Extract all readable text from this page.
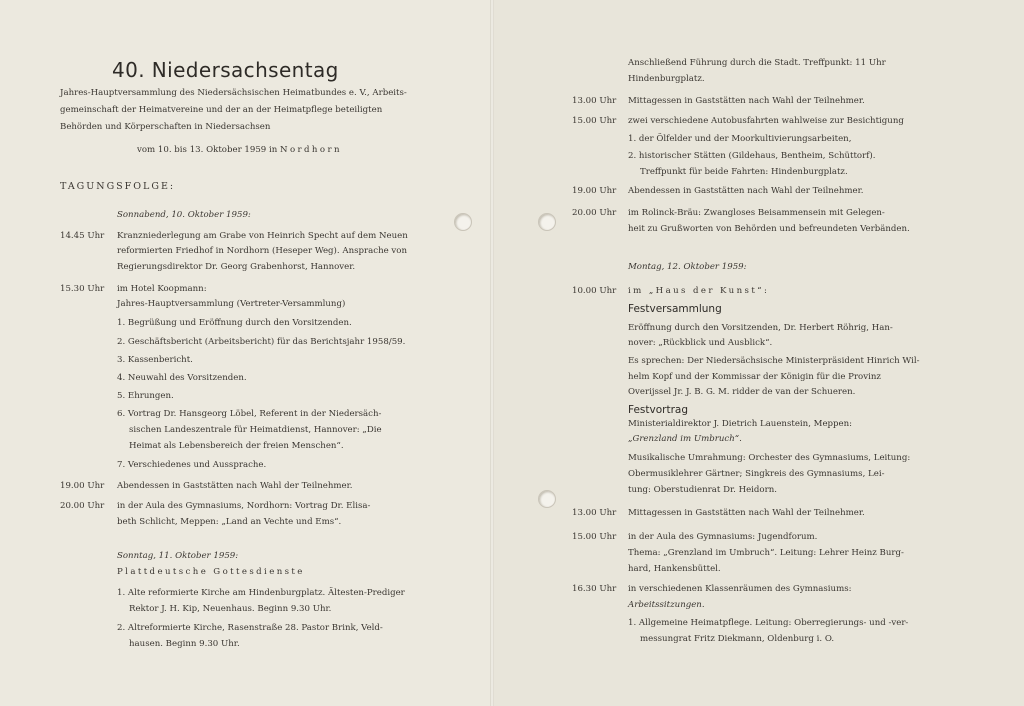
40. Niedersachsentag
Jahres-Hauptversammlung des Niedersächsischen Heimatbundes e. V., Arbeits-
gemeinschaft der Heimatvereine und der an der Heimatpflege beteiligten
Behörden und Körperschaften in Niedersachsen
vom 10. bis 13. Oktober 1959 in Nordhorn
TAGUNGSFOLGE:
Sonnabend, 10. Oktober 1959:
14.45 Uhr Kranzniederlegung am Grabe von Heinrich Specht auf dem Neuen
reformierten Friedhof in Nordhorn (Heseper Weg). Ansprache von
Regierungsdirektor Dr. Georg Grabenhorst, Hannover.
15.30 Uhr im Hotel Koopmann:
Jahres-Hauptversammlung (Vertreter-Versammlung)
1. Begrüßung und Eröffnung durch den Vorsitzenden.
2. Geschäftsbericht (Arbeitsbericht) für das Berichtsjahr 1958/59.
3. Kassenbericht.
4. Neuwahl des Vorsitzenden.
5. Ehrungen.
6. Vortrag Dr. Hansgeorg Löbel, Referent in der Niedersäch-
sischen Landeszentrale für Heimatdienst, Hannover: „Die
Heimat als Lebensbereich der freien Menschen“.
7. Verschiedenes und Aussprache.
19.00 Uhr Abendessen in Gaststätten nach Wahl der Teilnehmer.
20.00 Uhr in der Aula des Gymnasiums, Nordhorn: Vortrag Dr. Elisa-
beth Schlicht, Meppen: „Land an Vechte und Ems“.
Sonntag, 11. Oktober 1959:
Plattdeutsche Gottesdienste
1. Alte reformierte Kirche am Hindenburgplatz. Ältesten-Prediger
Rektor J. H. Kip, Neuenhaus. Beginn 9.30 Uhr.
2. Altreformierte Kirche, Rasenstraße 28. Pastor Brink, Veld-
hausen. Beginn 9.30 Uhr.
Anschließend Führung durch die Stadt. Treffpunkt: 11 Uhr
Hindenburgplatz.
13.00 Uhr Mittagessen in Gaststätten nach Wahl der Teilnehmer.
15.00 Uhr zwei verschiedene Autobusfahrten wahlweise zur Besichtigung
1. der Ölfelder und der Moorkultivierungsarbeiten,
2. historischer Stätten (Gildehaus, Bentheim, Schüttorf).
Treffpunkt für beide Fahrten: Hindenburgplatz.
19.00 Uhr Abendessen in Gaststätten nach Wahl der Teilnehmer.
20.00 Uhr im Rolinck-Bräu: Zwangloses Beisammensein mit Gelegen-
heit zu Grußworten von Behörden und befreundeten Verbänden.
Montag, 12. Oktober 1959:
10.00 Uhr im „Haus der Kunst“:
Festversammlung
Eröffnung durch den Vorsitzenden, Dr. Herbert Röhrig, Han-
nover: „Rückblick und Ausblick“.
Es sprechen: Der Niedersächsische Ministerpräsident Hinrich Wil-
helm Kopf und der Kommissar der Königin für die Provinz
Overijssel Jr. J. B. G. M. ridder de van der Schueren.
Festvortrag
Ministerialdirektor J. Dietrich Lauenstein, Meppen:
„Grenzland im Umbruch“.
Musikalische Umrahmung: Orchester des Gymnasiums, Leitung:
Obermusiklehrer Gärtner; Singkreis des Gymnasiums, Lei-
tung: Oberstudienrat Dr. Heidorn.
13.00 Uhr Mittagessen in Gaststätten nach Wahl der Teilnehmer.
15.00 Uhr in der Aula des Gymnasiums: Jugendforum.
Thema: „Grenzland im Umbruch“. Leitung: Lehrer Heinz Burg-
hard, Hankensbüttel.
16.30 Uhr in verschiedenen Klassenräumen des Gymnasiums:
Arbeitssitzungen.
1. Allgemeine Heimatpflege. Leitung: Oberregierungs- und -ver-
messungrat Fritz Diekmann, Oldenburg i. O.
